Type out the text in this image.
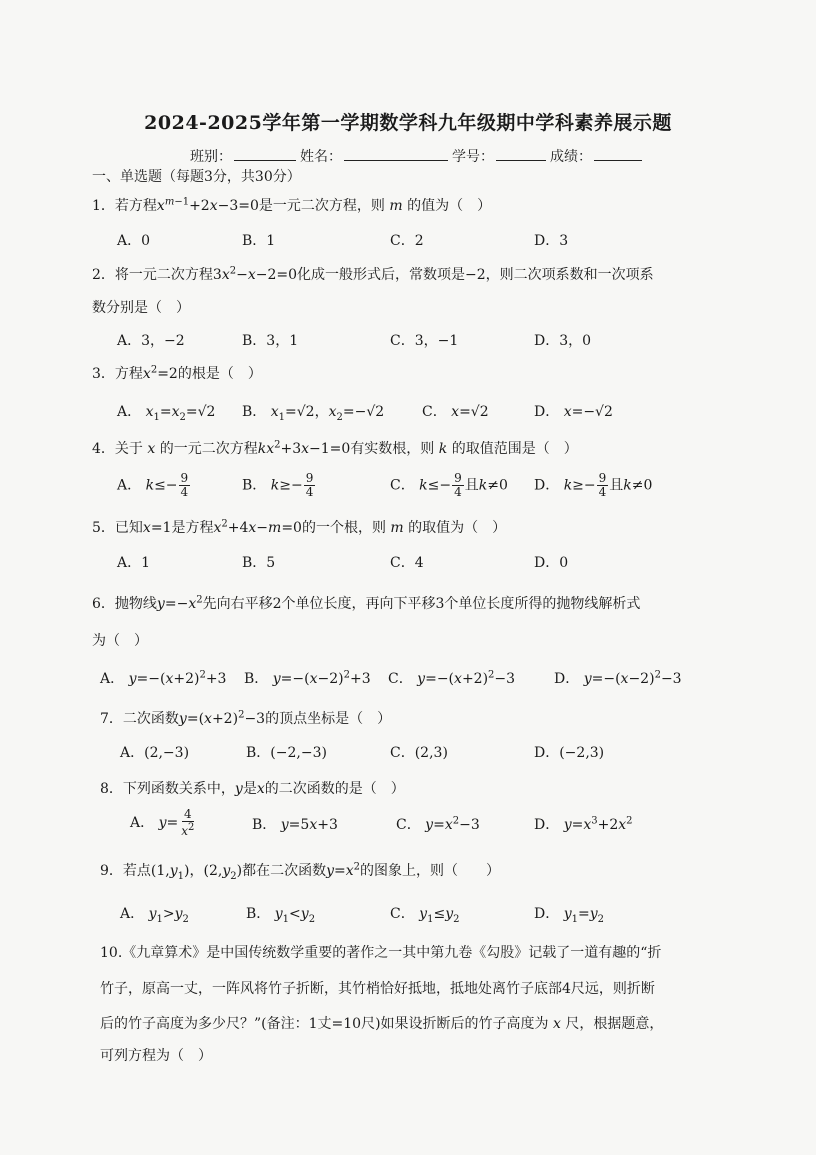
2024-2025学年第一学期数学科九年级期中学科素养展示题
班别：	姓名：	学号：	成绩：
一、单选题（每题3分，共30分）
1．若方程$x^{m-1}+2x-3=0$是一元二次方程，则 m 的值为（　）
A．0	B．1	C．2	D．3
2．将一元二次方程$3x^2-x-2=0$化成一般形式后，常数项是−2，则二次项系数和一次项系
数分别是（　）
A．3，−2	B．3，1	C．3，−1	D．3，0
3．方程$x^2=2$的根是（　）
A． $x_1=x_2=√2$ B． $x_1=√2$，$x_2=-√2$	C． x=√2	D． x=−√2
4．关于 x 的一元二次方程$kx^2+3x-1=0$有实数根，则 k 的取值范围是（　）
A． $k\le- \frac{9}{4}$	B． $k\ge- \frac{9}{4}$	C． $k\le- \frac{9}{4}$ 且k≠0 D． $k\ge- \frac{9}{4}$ 且k≠0
5．已知x=1是方程$x^2+4x-m=0$的一个根，则 m 的取值为（　）
A．1	B．5	C．4	D．0
6．抛物线$y=-x^2$先向右平移2个单位长度，再向下平移3个单位长度所得的抛物线解析式
为（　）
A． $y=-(x+2)^2+3$ B． $y=-(x-2)^2+3$ C． $y=-(x+2)^2-3$	D． $y=-(x-2)^2-3$
7．二次函数$y=(x+2)^2-3$的顶点坐标是（　）
A．(2,−3)	B．(−2,−3)	C．(2,3)	D．(−2,3)
8．下列函数关系中，y是x的二次函数的是（　）
A． $y= \frac{4}{x^2}$	B． y=5x+3	C． $y=x^2-3$	D． $y=x^3+2x^2$
9．若点$(1,y_1)$，$(2,y_2)$都在二次函数$y=x^2$的图象上，则（　　）
A． $y_1>y_2$	B． $y_1<y_2$	C． $y_1\le y_2$	D． $y_1=y_2$
10.《九章算术》是中国传统数学重要的著作之一其中第九卷《勾股》记载了一道有趣的“折
竹子，原高一丈，一阵风将竹子折断，其竹梢恰好抵地，抵地处离竹子底部4尺远，则折断
后的竹子高度为多少尺？”(备注：1丈=10尺)如果设折断后的竹子高度为 x 尺，根据题意，
可列方程为（　）
